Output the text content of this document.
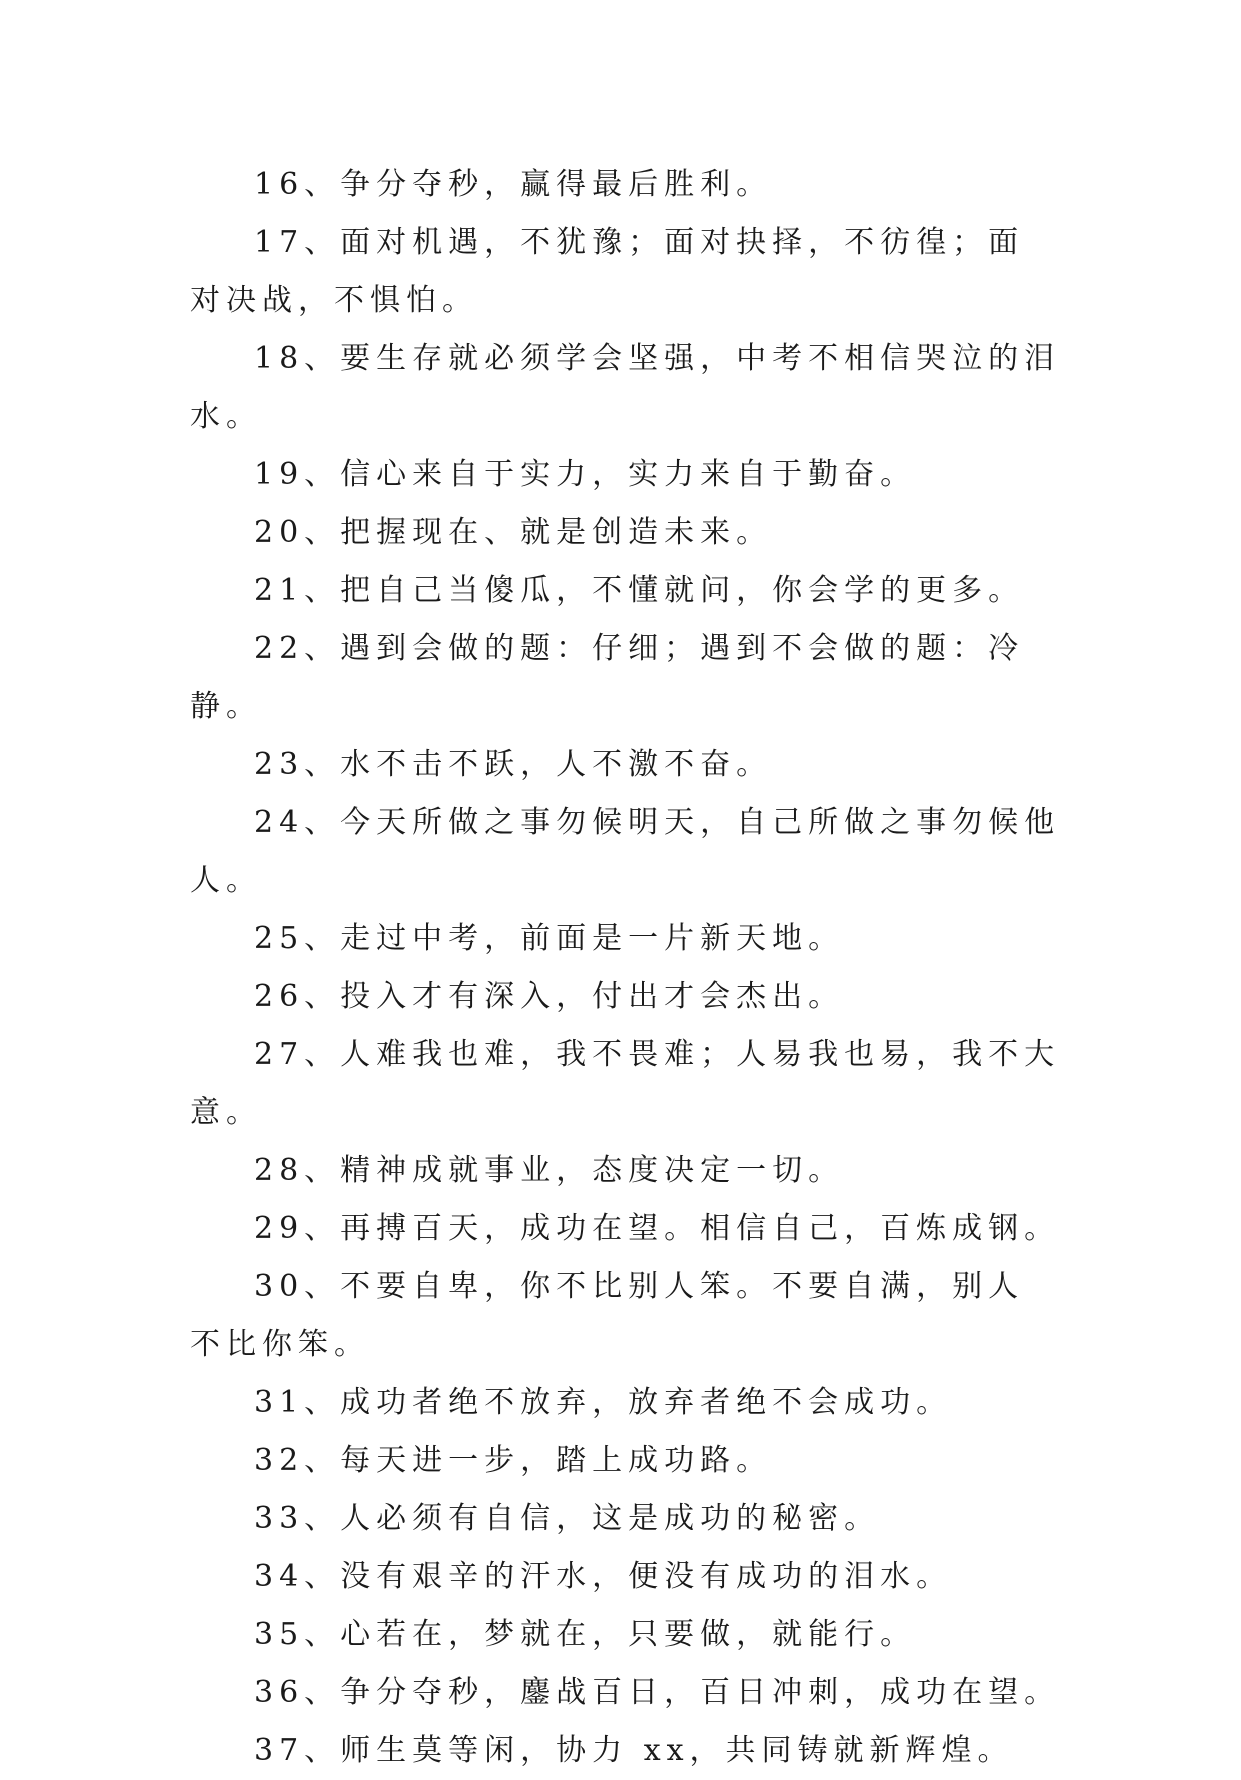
16、争分夺秒，赢得最后胜利。

17、面对机遇，不犹豫；面对抉择，不彷徨；面对决战，不惧怕。

18、要生存就必须学会坚强，中考不相信哭泣的泪水。

19、信心来自于实力，实力来自于勤奋。

20、把握现在、就是创造未来。

21、把自己当傻瓜，不懂就问，你会学的更多。

22、遇到会做的题：仔细；遇到不会做的题：冷静。

23、水不击不跃，人不激不奋。

24、今天所做之事勿候明天，自己所做之事勿候他人。

25、走过中考，前面是一片新天地。

26、投入才有深入，付出才会杰出。

27、人难我也难，我不畏难；人易我也易，我不大意。

28、精神成就事业，态度决定一切。

29、再搏百天，成功在望。相信自己，百炼成钢。

30、不要自卑，你不比别人笨。不要自满，别人不比你笨。

31、成功者绝不放弃，放弃者绝不会成功。

32、每天进一步，踏上成功路。

33、人必须有自信，这是成功的秘密。

34、没有艰辛的汗水，便没有成功的泪水。

35、心若在，梦就在，只要做，就能行。

36、争分夺秒，鏖战百日，百日冲刺，成功在望。

37、师生莫等闲，协力 xx，共同铸就新辉煌。
